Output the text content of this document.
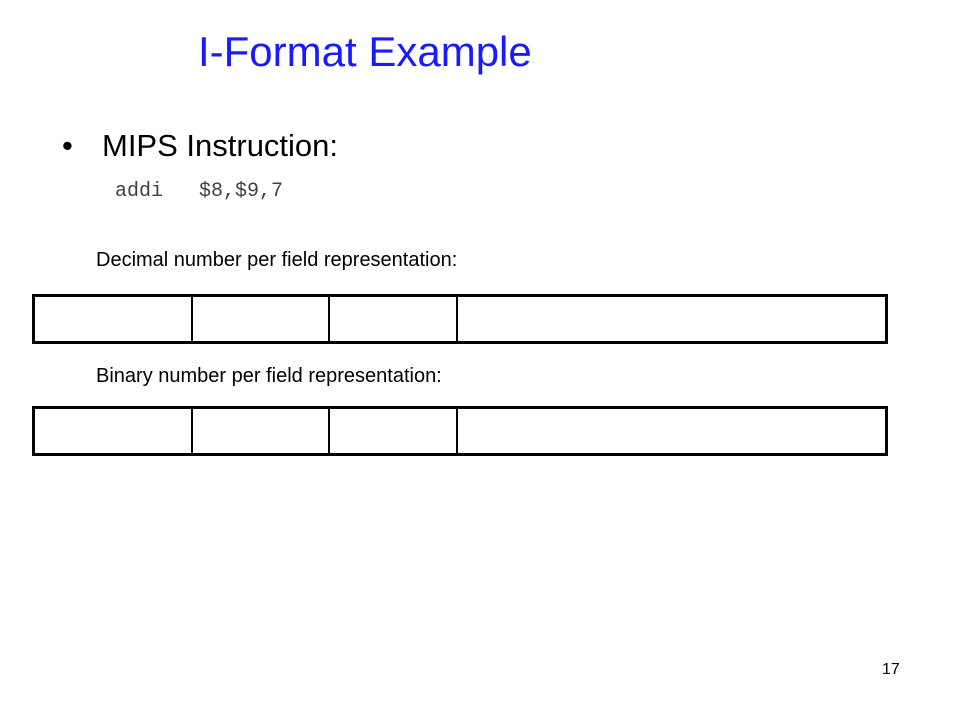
I-Format Example
• MIPS Instruction:
addi   $8,$9,7
Decimal number per field representation:
Binary number per field representation:
17
